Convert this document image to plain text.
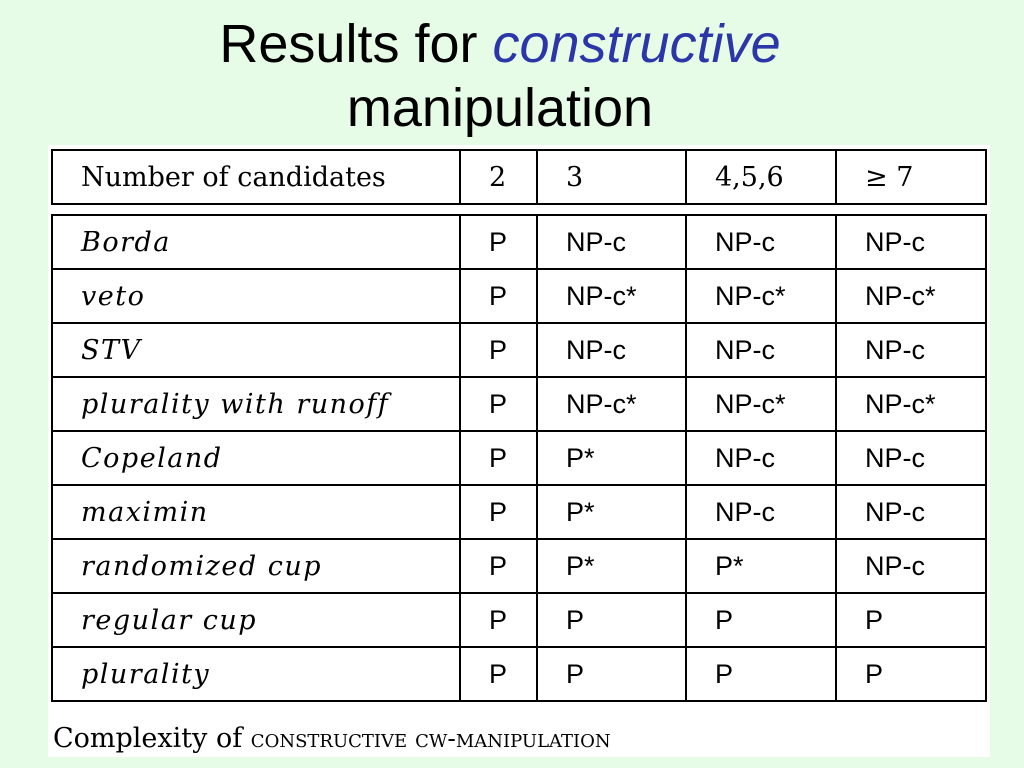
Results for constructive
manipulation
Number of candidates	2	3	4,5,6	≥ 7
Borda	P	NP-c	NP-c	NP-c
veto	P	NP-c*	NP-c*	NP-c*
STV	P	NP-c	NP-c	NP-c
plurality with runoff	P	NP-c*	NP-c*	NP-c*
Copeland	P	P*	NP-c	NP-c
maximin	P	P*	NP-c	NP-c
randomized cup	P	P*	P*	NP-c
regular cup	P	P	P	P
plurality	P	P	P	P
Complexity of constructive cw-manipulation
